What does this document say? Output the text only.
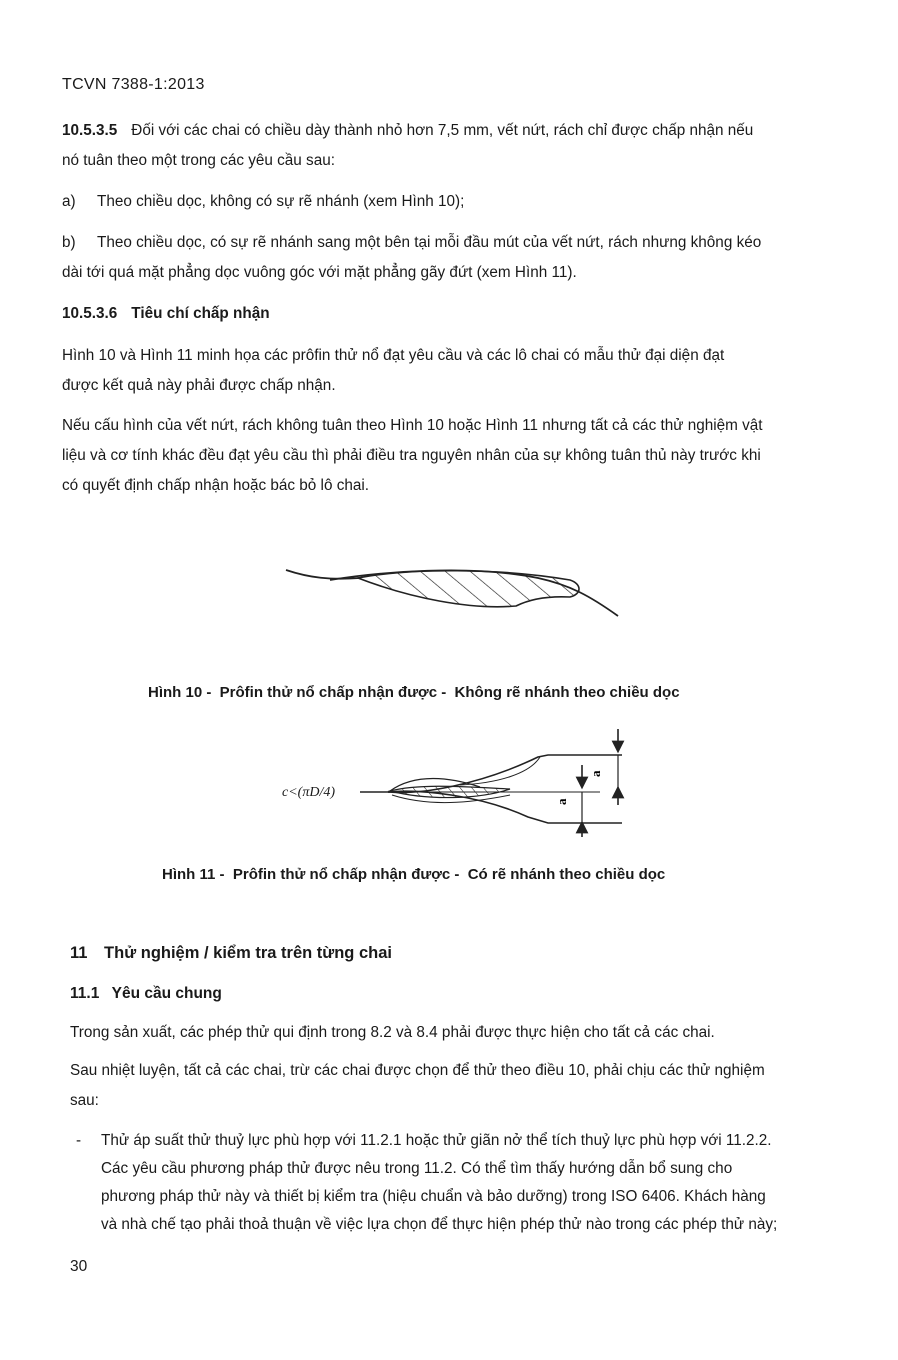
TCVN 7388-1:2013
10.5.3.5 Đối với các chai có chiều dày thành nhỏ hơn 7,5 mm, vết nứt, rách chỉ được chấp nhận nếu
nó tuân theo một trong các yêu cầu sau:
a) Theo chiều dọc, không có sự rẽ nhánh (xem Hình 10);
b) Theo chiều dọc, có sự rẽ nhánh sang một bên tại mỗi đầu mút của vết nứt, rách nhưng không kéo
dài tới quá mặt phẳng dọc vuông góc với mặt phẳng gãy đứt (xem Hình 11).
10.5.3.6 Tiêu chí chấp nhận
Hình 10 và Hình 11 minh họa các prôfin thử nổ đạt yêu cầu và các lô chai có mẫu thử đại diện đạt
được kết quả này phải được chấp nhận.
Nếu cấu hình của vết nứt, rách không tuân theo Hình 10 hoặc Hình 11 nhưng tất cả các thử nghiệm vật
liệu và cơ tính khác đều đạt yêu cầu thì phải điều tra nguyên nhân của sự không tuân thủ này trước khi
có quyết định chấp nhận hoặc bác bỏ lô chai.
Hình 10 -  Prôfin thử nổ chấp nhận được -  Không rẽ nhánh theo chiều dọc
c<(πD/4)
a
a
Hình 11 -  Prôfin thử nổ chấp nhận được -  Có rẽ nhánh theo chiều dọc
11 Thử nghiệm / kiểm tra trên từng chai
11.1 Yêu cầu chung
Trong sản xuất, các phép thử qui định trong 8.2 và 8.4 phải được thực hiện cho tất cả các chai.
Sau nhiệt luyện, tất cả các chai, trừ các chai được chọn để thử theo điều 10, phải chịu các thử nghiệm
sau:
- Thử áp suất thử thuỷ lực phù hợp với 11.2.1 hoặc thử giãn nở thể tích thuỷ lực phù hợp với 11.2.2.
Các yêu cầu phương pháp thử được nêu trong 11.2. Có thể tìm thấy hướng dẫn bổ sung cho
phương pháp thử này và thiết bị kiểm tra (hiệu chuẩn và bảo dưỡng) trong ISO 6406. Khách hàng
và nhà chế tạo phải thoả thuận về việc lựa chọn để thực hiện phép thử nào trong các phép thử này;
30
